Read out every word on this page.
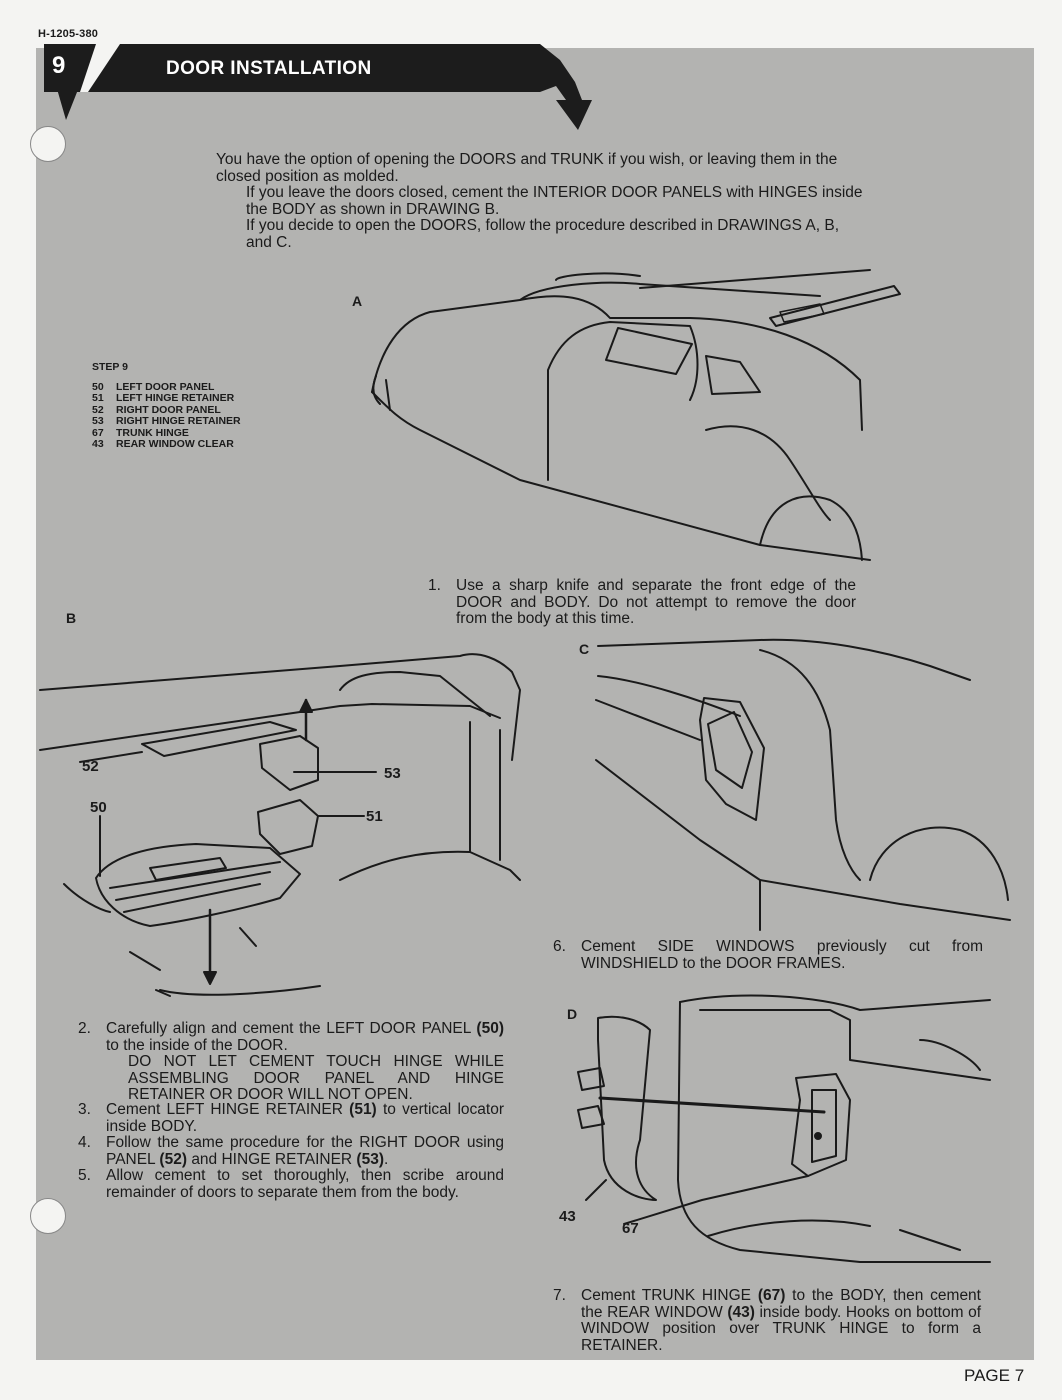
H-1205-380
9	DOOR INSTALLATION

You have the option of opening the DOORS and TRUNK if you wish, or leaving them in the closed position as molded.

If you leave the doors closed, cement the INTERIOR DOOR PANELS with HINGES inside the BODY as shown in DRAWING B.

If you decide to open the DOORS, follow the procedure described in DRAWINGS A, B, and C.

A
B
C
D
STEP 9
50 LEFT DOOR PANEL
51 LEFT HINGE RETAINER
52 RIGHT DOOR PANEL
53 RIGHT HINGE RETAINER
67 TRUNK HINGE
43 REAR WINDOW CLEAR
52	53
50
51
43
67
1. Use a sharp knife and separate the front edge of the DOOR and BODY. Do not attempt to remove the door from the body at this time.
2. Carefully align and cement the LEFT DOOR PANEL (50) to the inside of the DOOR.
DO NOT LET CEMENT TOUCH HINGE WHILE ASSEMBLING DOOR PANEL AND HINGE RETAINER OR DOOR WILL NOT OPEN.
3. Cement LEFT HINGE RETAINER (51) to vertical locator inside BODY.
4. Follow the same procedure for the RIGHT DOOR using PANEL (52) and HINGE RETAINER (53).
5. Allow cement to set thoroughly, then scribe around remainder of doors to separate them from the body.
6. Cement SIDE WINDOWS previously cut from WINDSHIELD to the DOOR FRAMES.
7. Cement TRUNK HINGE (67) to the BODY, then cement the REAR WINDOW (43) inside body. Hooks on bottom of WINDOW position over TRUNK HINGE to form a RETAINER.
PAGE 7
